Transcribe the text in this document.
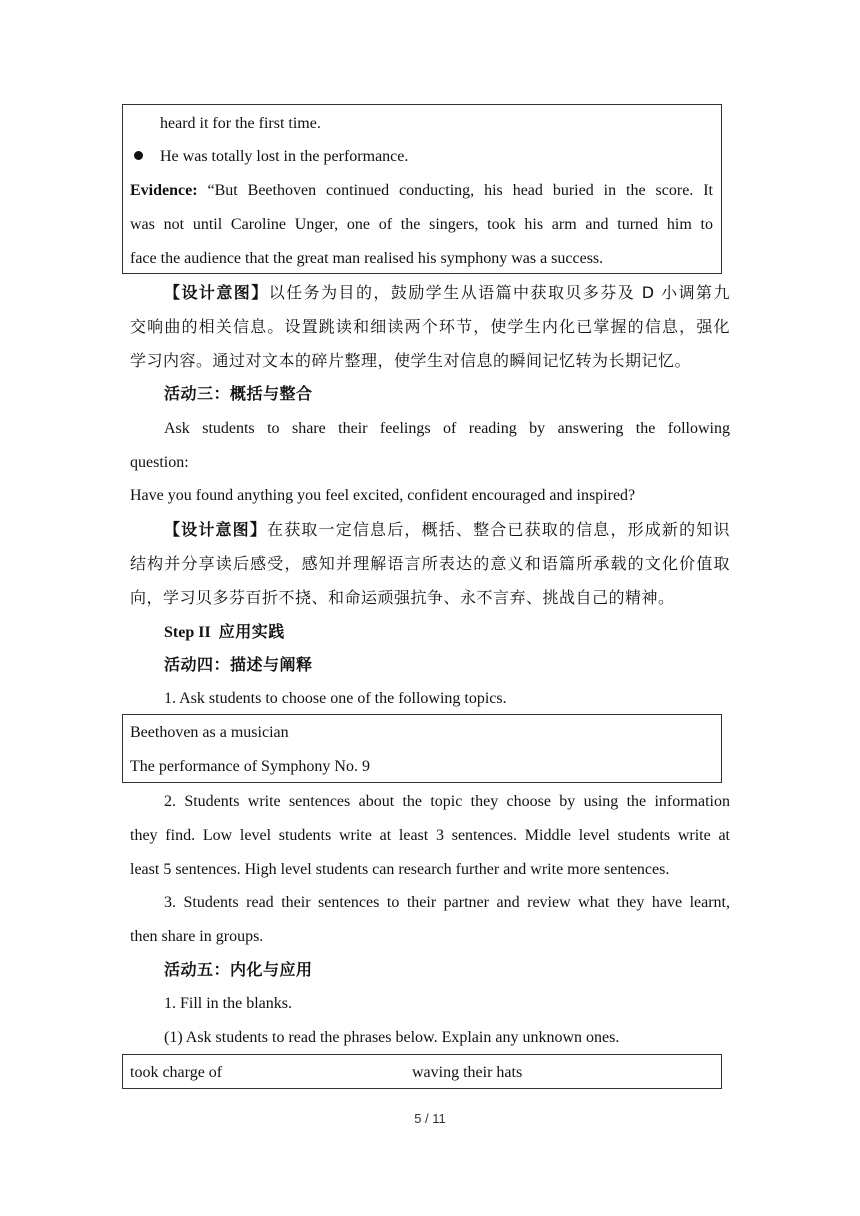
heard it for the first time.
He was totally lost in the performance.
Evidence: “But Beethoven continued conducting, his head buried in the score. It
was not until Caroline Unger, one of the singers, took his arm and turned him to
face the audience that the great man realised his symphony was a success.
【设计意图】以任务为目的，鼓励学生从语篇中获取贝多芬及 D 小调第九
交响曲的相关信息。设置跳读和细读两个环节，使学生内化已掌握的信息，强化
学习内容。通过对文本的碎片整理，使学生对信息的瞬间记忆转为长期记忆。
活动三：概括与整合
Ask students to share their feelings of reading by answering the following
question:
Have you found anything you feel excited, confident encouraged and inspired?
【设计意图】在获取一定信息后，概括、整合已获取的信息，形成新的知识
结构并分享读后感受，感知并理解语言所表达的意义和语篇所承载的文化价值取
向，学习贝多芬百折不挠、和命运顽强抗争、永不言弃、挑战自己的精神。
Step II 应用实践
活动四：描述与阐释
1. Ask students to choose one of the following topics.
Beethoven as a musician
The performance of Symphony No. 9
2. Students write sentences about the topic they choose by using the information
they find. Low level students write at least 3 sentences. Middle level students write at
least 5 sentences. High level students can research further and write more sentences.
3. Students read their sentences to their partner and review what they have learnt,
then share in groups.
活动五：内化与应用
1. Fill in the blanks.
(1) Ask students to read the phrases below. Explain any unknown ones.
took charge of	waving their hats
5 / 11
